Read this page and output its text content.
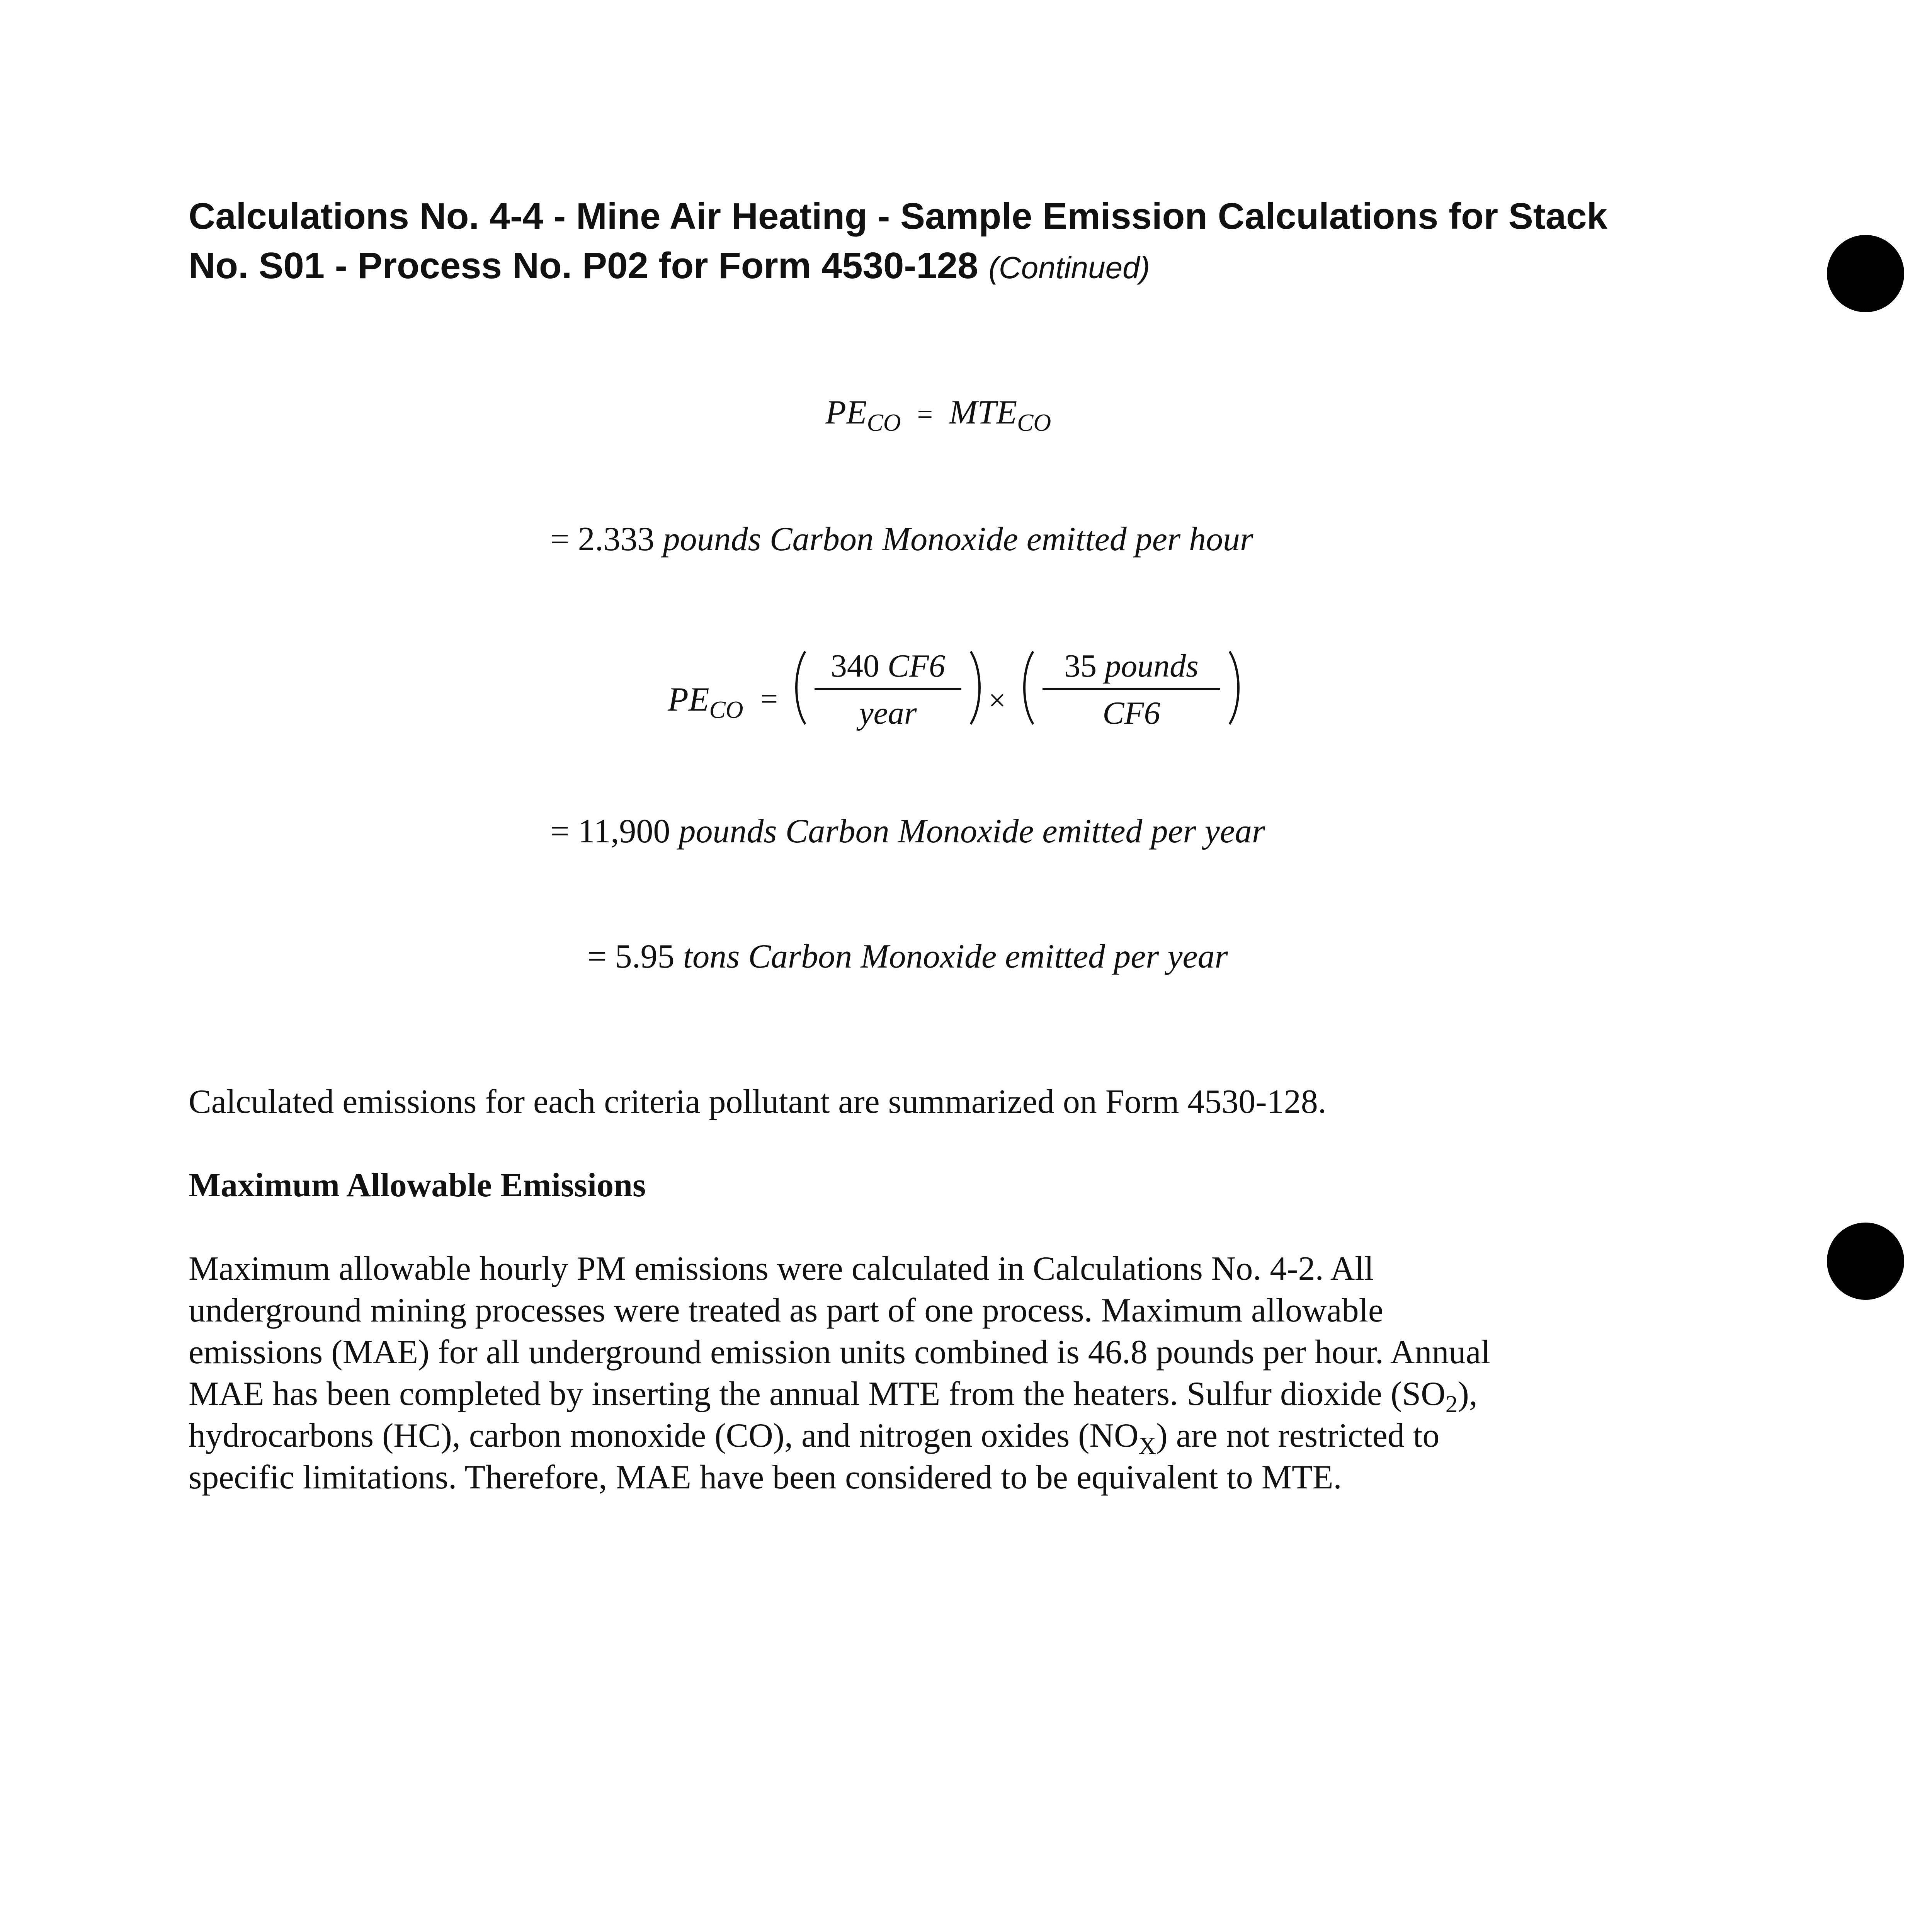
Calculations No. 4-4 - Mine Air Heating - Sample Emission Calculations for Stack
No. S01 - Process No. P02 for Form 4530-128 (Continued)
$PE_{CO} = MTE_{CO}$
= 2.333 pounds Carbon Monoxide emitted per hour
$PE_{CO}$ =
340 CF6
year	×
35 pounds
CF6
= 11,900 pounds Carbon Monoxide emitted per year
= 5.95 tons Carbon Monoxide emitted per year
Calculated emissions for each criteria pollutant are summarized on Form 4530-128.
Maximum Allowable Emissions
Maximum allowable hourly PM emissions were calculated in Calculations No. 4-2. All
underground mining processes were treated as part of one process. Maximum allowable
emissions (MAE) for all underground emission units combined is 46.8 pounds per hour. Annual
MAE has been completed by inserting the annual MTE from the heaters. Sulfur dioxide $(SO_2)$,
hydrocarbons (HC), carbon monoxide (CO), and nitrogen oxides $(NO_X)$ are not restricted to
specific limitations. Therefore, MAE have been considered to be equivalent to MTE.
